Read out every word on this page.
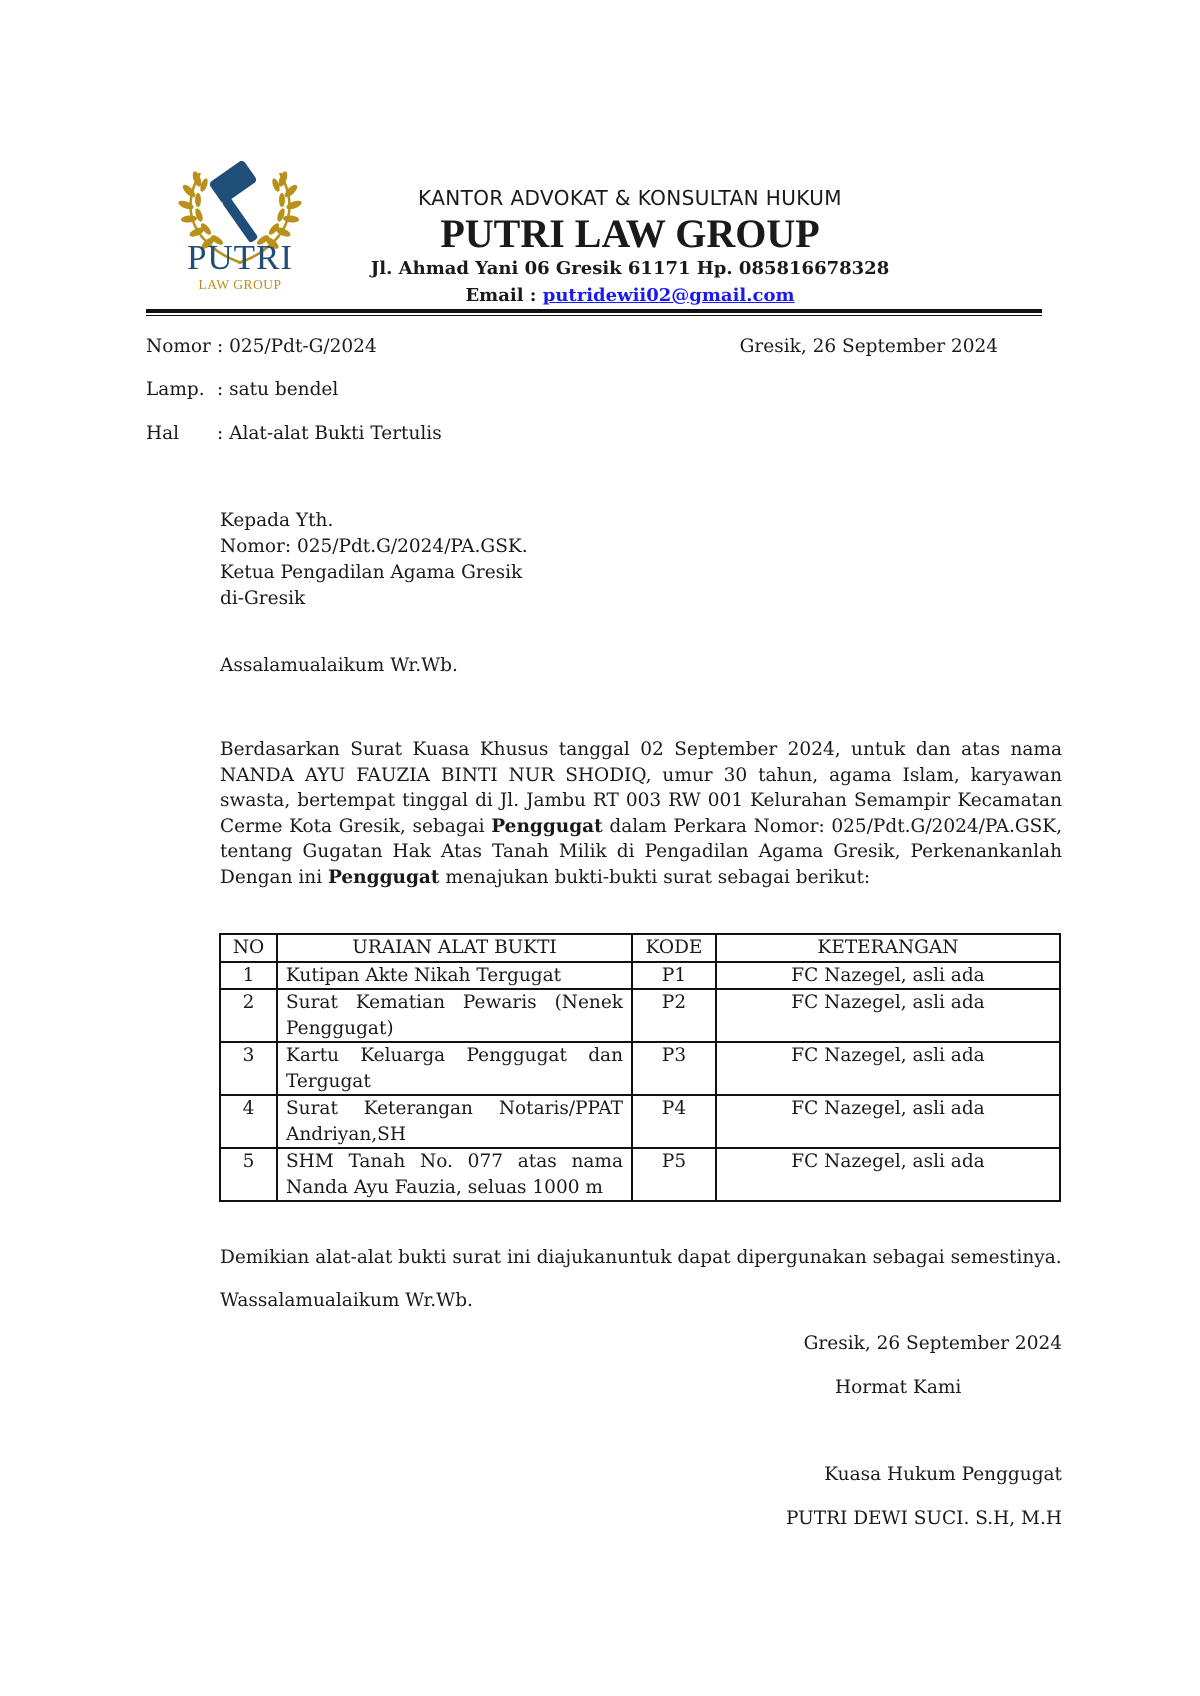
PUTRI
LAW GROUP
KANTOR ADVOKAT & KONSULTAN HUKUM
PUTRI LAW GROUP
Jl. Ahmad Yani 06 Gresik 61171 Hp. 085816678328
Email : putridewii02@gmail.com
Nomor : 025/Pdt-G/2024	Gresik, 26 September 2024
Lamp. : satu bendel
Hal : Alat-alat Bukti Tertulis
Kepada Yth.
Nomor: 025/Pdt.G/2024/PA.GSK.
Ketua Pengadilan Agama Gresik
di-Gresik
Assalamualaikum Wr.Wb.
Berdasarkan Surat Kuasa Khusus tanggal 02 September 2024, untuk dan atas nama NANDA AYU FAUZIA BINTI NUR SHODIQ, umur 30 tahun, agama Islam, karyawan swasta, bertempat tinggal di Jl. Jambu RT 003 RW 001 Kelurahan Semampir Kecamatan Cerme Kota Gresik, sebagai Penggugat dalam Perkara Nomor: 025/Pdt.G/2024/PA.GSK, tentang Gugatan Hak Atas Tanah Milik di Pengadilan Agama Gresik, Perkenankanlah Dengan ini Penggugat menajukan bukti-bukti surat sebagai berikut:
NO	URAIAN ALAT BUKTI	KODE	KETERANGAN
1	Kutipan Akte Nikah Tergugat	P1	FC Nazegel, asli ada
2	Surat Kematian Pewaris (Nenek Penggugat)	P2	FC Nazegel, asli ada
3	Kartu Keluarga Penggugat dan Tergugat	P3	FC Nazegel, asli ada
4	Surat Keterangan Notaris/PPAT Andriyan,SH	P4	FC Nazegel, asli ada
5	SHM Tanah No. 077 atas nama Nanda Ayu Fauzia, seluas 1000 m	P5	FC Nazegel, asli ada
Demikian alat-alat bukti surat ini diajukanuntuk dapat dipergunakan sebagai semestinya.
Wassalamualaikum Wr.Wb.
Gresik, 26 September 2024
Hormat Kami
Kuasa Hukum Penggugat
PUTRI DEWI SUCI. S.H, M.H
